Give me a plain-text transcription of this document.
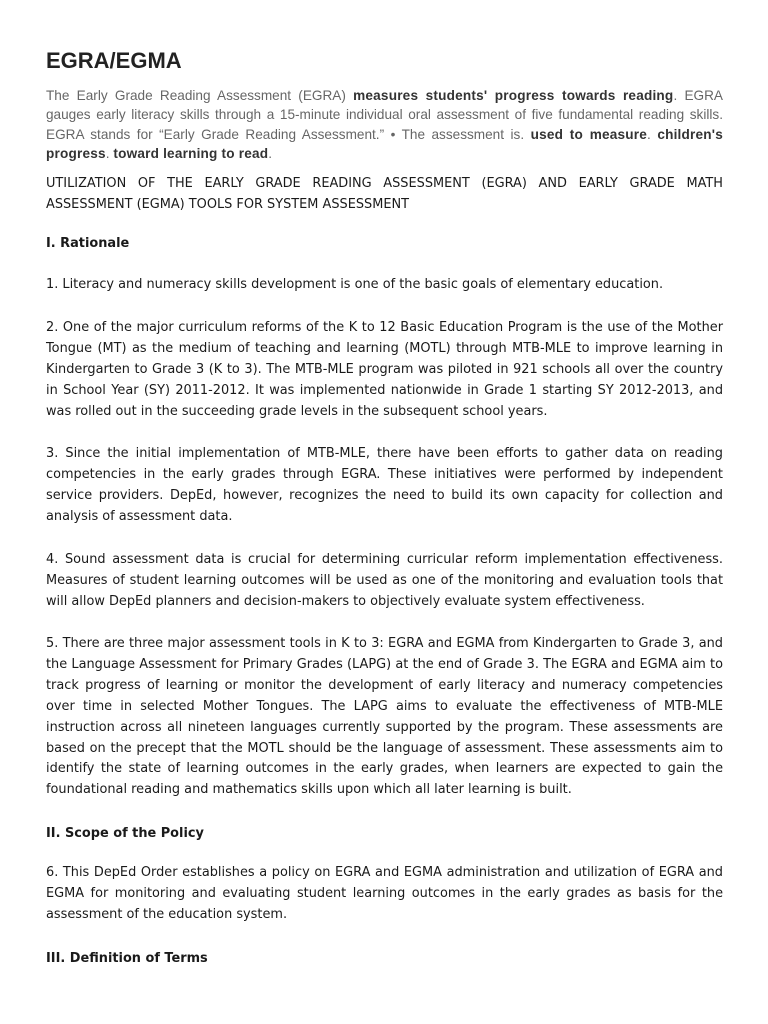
EGRA/EGMA

The Early Grade Reading Assessment (EGRA) measures students' progress towards reading. EGRA gauges early literacy skills through a 15-minute individual oral assessment of five fundamental reading skills. EGRA stands for “Early Grade Reading Assessment.” • The assessment is. used to measure. children's progress. toward learning to read.

UTILIZATION OF THE EARLY GRADE READING ASSESSMENT (EGRA) AND EARLY GRADE MATH ASSESSMENT (EGMA) TOOLS FOR SYSTEM ASSESSMENT

I. Rationale

1. Literacy and numeracy skills development is one of the basic goals of elementary education.

2. One of the major curriculum reforms of the K to 12 Basic Education Program is the use of the Mother Tongue (MT) as the medium of teaching and learning (MOTL) through MTB-MLE to improve learning in Kindergarten to Grade 3 (K to 3). The MTB-MLE program was piloted in 921 schools all over the country in School Year (SY) 2011-2012. It was implemented nationwide in Grade 1 starting SY 2012-2013, and was rolled out in the succeeding grade levels in the subsequent school years.

3. Since the initial implementation of MTB-MLE, there have been efforts to gather data on reading competencies in the early grades through EGRA. These initiatives were performed by independent service providers. DepEd, however, recognizes the need to build its own capacity for collection and analysis of assessment data.

4. Sound assessment data is crucial for determining curricular reform implementation effectiveness. Measures of student learning outcomes will be used as one of the monitoring and evaluation tools that will allow DepEd planners and decision-makers to objectively evaluate system effectiveness.

5. There are three major assessment tools in K to 3: EGRA and EGMA from Kindergarten to Grade 3, and the Language Assessment for Primary Grades (LAPG) at the end of Grade 3. The EGRA and EGMA aim to track progress of learning or monitor the development of early literacy and numeracy competencies over time in selected Mother Tongues. The LAPG aims to evaluate the effectiveness of MTB-MLE instruction across all nineteen languages currently supported by the program. These assessments are based on the precept that the MOTL should be the language of assessment. These assessments aim to identify the state of learning outcomes in the early grades, when learners are expected to gain the foundational reading and mathematics skills upon which all later learning is built.

II. Scope of the Policy

6. This DepEd Order establishes a policy on EGRA and EGMA administration and utilization of EGRA and EGMA for monitoring and evaluating student learning outcomes in the early grades as basis for the assessment of the education system.

III. Definition of Terms
